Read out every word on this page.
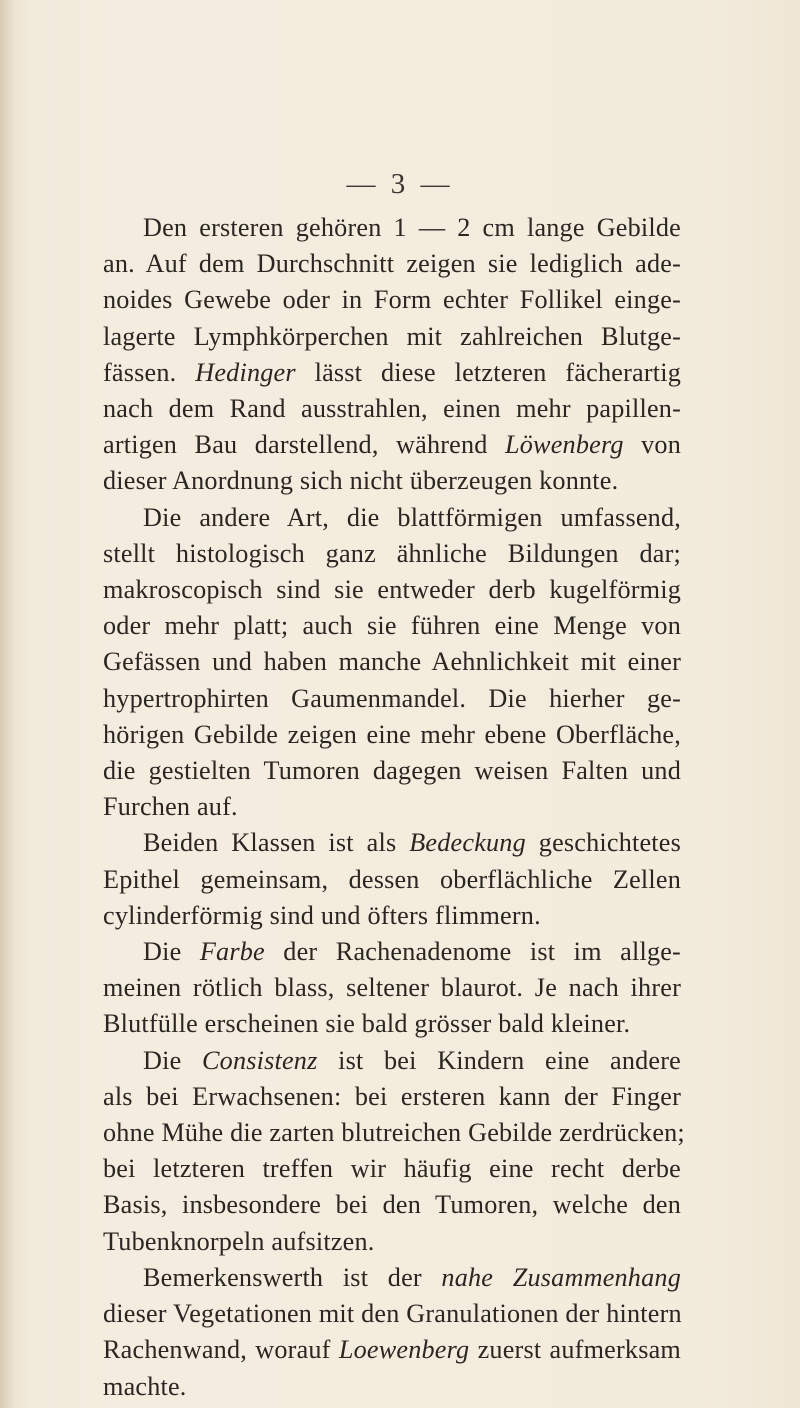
— 3 —

Den ersteren gehören 1 — 2 cm lange Gebilde
an. Auf dem Durchschnitt zeigen sie lediglich ade-
noides Gewebe oder in Form echter Follikel einge-
lagerte Lymphkörperchen mit zahlreichen Blutge-
fässen. Hedinger lässt diese letzteren fächerartig
nach dem Rand ausstrahlen, einen mehr papillen-
artigen Bau darstellend, während Löwenberg von
dieser Anordnung sich nicht überzeugen konnte.

Die andere Art, die blattförmigen umfassend,
stellt histologisch ganz ähnliche Bildungen dar;
makroscopisch sind sie entweder derb kugelförmig
oder mehr platt; auch sie führen eine Menge von
Gefässen und haben manche Aehnlichkeit mit einer
hypertrophirten Gaumenmandel. Die hierher ge-
hörigen Gebilde zeigen eine mehr ebene Oberfläche,
die gestielten Tumoren dagegen weisen Falten und
Furchen auf.

Beiden Klassen ist als Bedeckung geschichtetes
Epithel gemeinsam, dessen oberflächliche Zellen
cylinderförmig sind und öfters flimmern.

Die Farbe der Rachenadenome ist im allge-
meinen rötlich blass, seltener blaurot. Je nach ihrer
Blutfülle erscheinen sie bald grösser bald kleiner.

Die Consistenz ist bei Kindern eine andere
als bei Erwachsenen: bei ersteren kann der Finger
ohne Mühe die zarten blutreichen Gebilde zerdrücken;
bei letzteren treffen wir häufig eine recht derbe
Basis, insbesondere bei den Tumoren, welche den
Tubenknorpeln aufsitzen.

Bemerkenswerth ist der nahe Zusammenhang
dieser Vegetationen mit den Granulationen der hintern
Rachenwand, worauf Loewenberg zuerst aufmerksam
machte.
